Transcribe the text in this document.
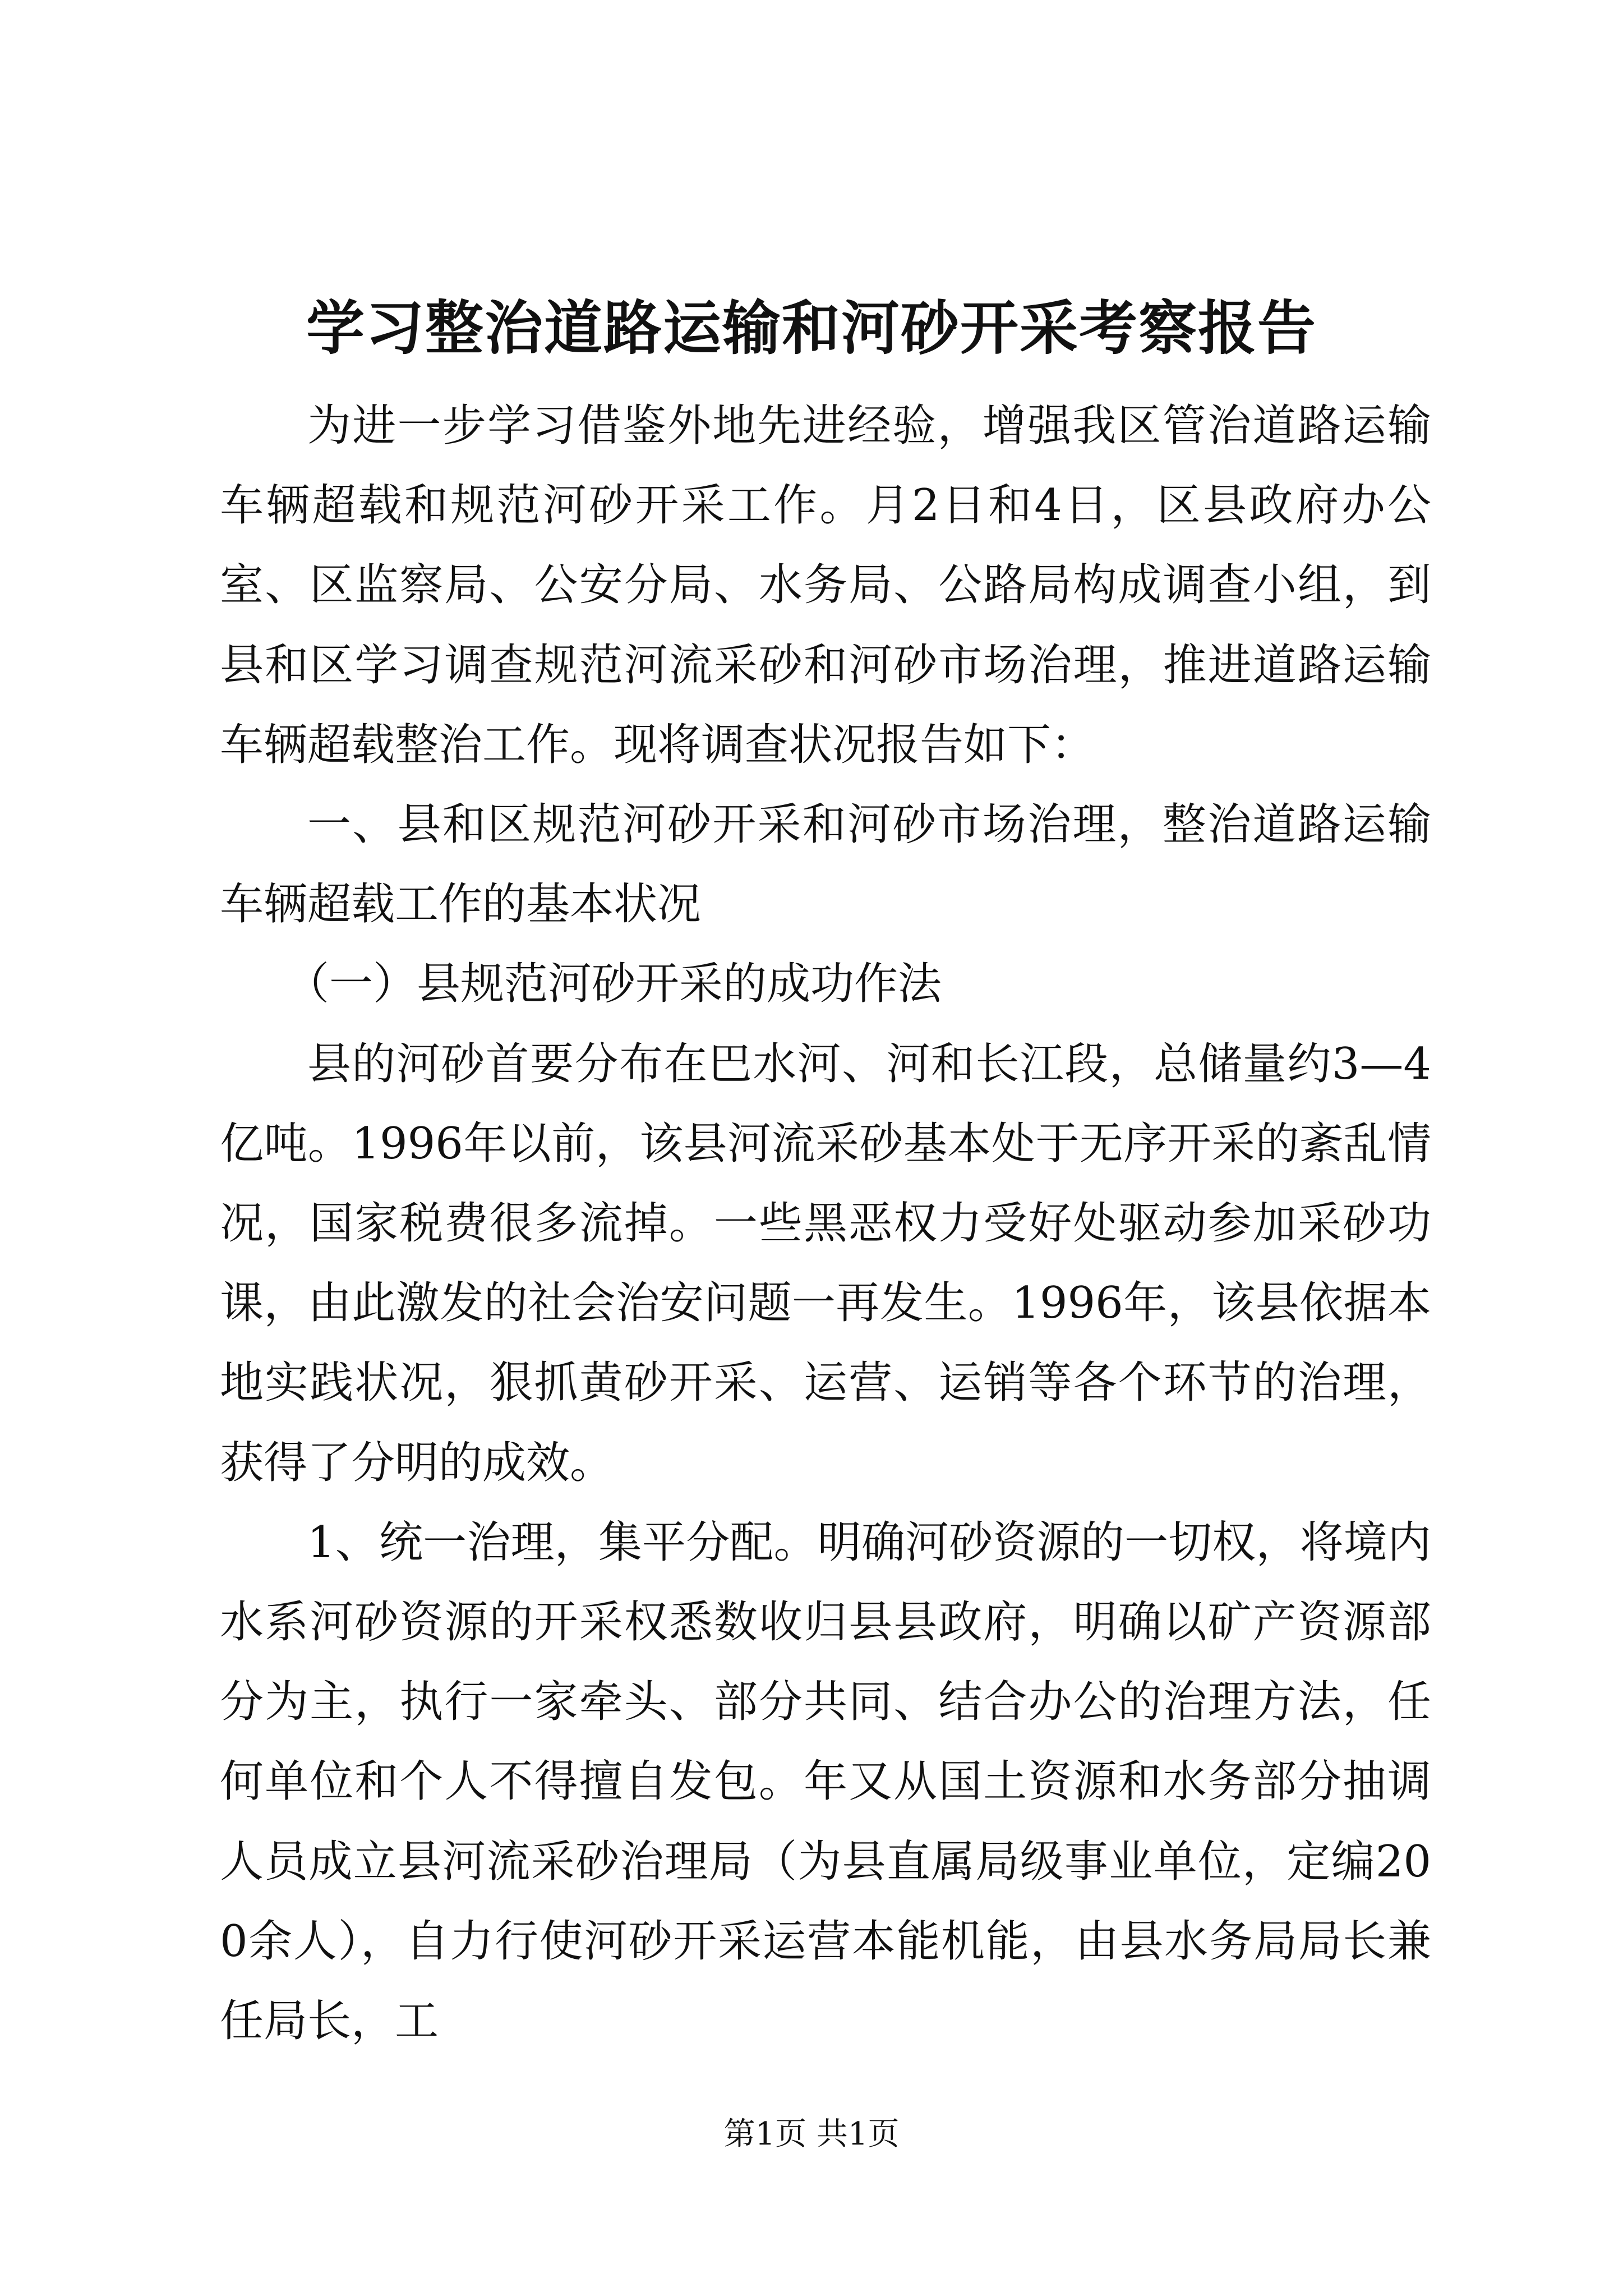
学习整治道路运输和河砂开采考察报告

为进一步学习借鉴外地先进经验，增强我区管治道路运输车辆超载和规范河砂开采工作。月2日和4日，区县政府办公室、区监察局、公安分局、水务局、公路局构成调查小组，到县和区学习调查规范河流采砂和河砂市场治理，推进道路运输车辆超载整治工作。现将调查状况报告如下：

一、县和区规范河砂开采和河砂市场治理，整治道路运输车辆超载工作的基本状况

（一）县规范河砂开采的成功作法

县的河砂首要分布在巴水河、河和长江段，总储量约3—4亿吨。1996年以前，该县河流采砂基本处于无序开采的紊乱情况，国家税费很多流掉。一些黑恶权力受好处驱动参加采砂功课，由此激发的社会治安问题一再发生。1996年，该县依据本地实践状况，狠抓黄砂开采、运营、运销等各个环节的治理，获得了分明的成效。

1、统一治理，集平分配。明确河砂资源的一切权，将境内水系河砂资源的开采权悉数收归县县政府，明确以矿产资源部分为主，执行一家牵头、部分共同、结合办公的治理方法，任何单位和个人不得擅自发包。年又从国土资源和水务部分抽调人员成立县河流采砂治理局（为县直属局级事业单位，定编200余人），自力行使河砂开采运营本能机能，由县水务局局长兼任局长，工

第1页 共1页
